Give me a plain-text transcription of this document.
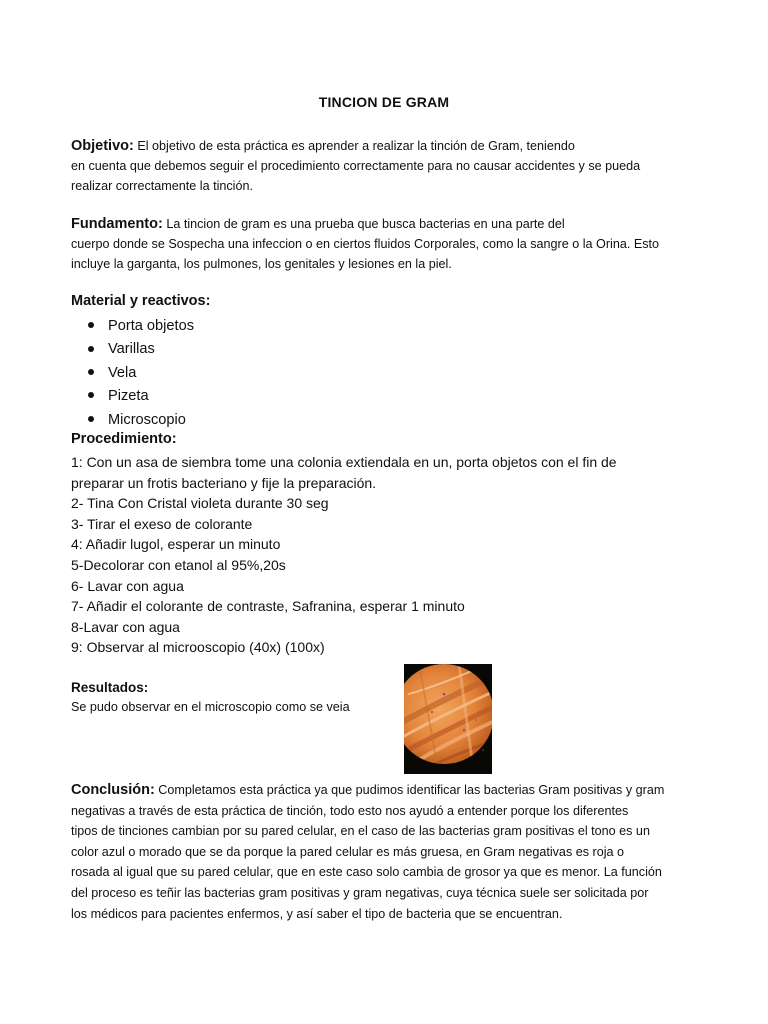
TINCION DE GRAM
Objetivo: El objetivo de esta práctica es aprender a realizar la tinción de Gram, teniendo
en cuenta que debemos seguir el procedimiento correctamente para no causar accidentes y se pueda
realizar correctamente la tinción.
Fundamento: La tincion de gram es una prueba que busca bacterias en una parte del
cuerpo donde se Sospecha una infeccion o en ciertos fluidos Corporales, como la sangre o la Orina. Esto
incluye la garganta, los pulmones, los genitales y lesiones en la piel.
Material y reactivos:
Porta objetos
Varillas
Vela
Pizeta
Microscopio
Procedimiento:
1: Con un asa de siembra tome una colonia extiendala en un, porta objetos con el fin de
preparar un frotis bacteriano y fije la preparación.
2- Tina Con Cristal violeta durante 30 seg
3- Tirar el exeso de colorante
4: Añadir lugol, esperar un minuto
5-Decolorar con etanol al 95%,20s
6- Lavar con agua
7- Añadir el colorante de contraste, Safranina, esperar 1 minuto
8-Lavar con agua
9: Observar al microoscopio (40x) (100x)
Resultados:
Se pudo observar en el microscopio como se veia
Conclusión: Completamos esta práctica ya que pudimos identificar las bacterias Gram positivas y gram
negativas a través de esta práctica de tinción, todo esto nos ayudó a entender porque los diferentes
tipos de tinciones cambian por su pared celular, en el caso de las bacterias gram positivas el tono es un
color azul o morado que se da porque la pared celular es más gruesa, en Gram negativas es roja o
rosada al igual que su pared celular, que en este caso solo cambia de grosor ya que es menor. La función
del proceso es teñir las bacterias gram positivas y gram negativas, cuya técnica suele ser solicitada por
los médicos para pacientes enfermos, y así saber el tipo de bacteria que se encuentran.
